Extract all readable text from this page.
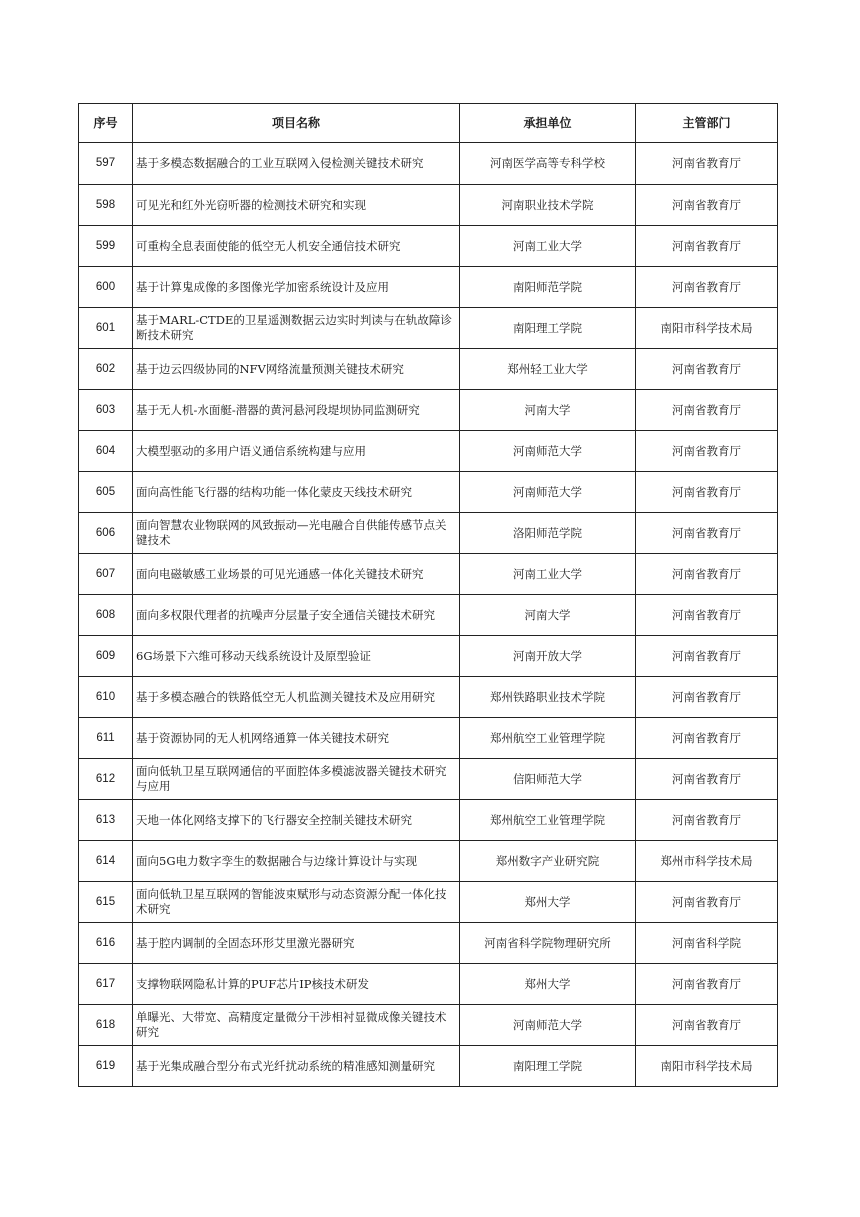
序号	项目名称	承担单位	主管部门
597	基于多模态数据融合的工业互联网入侵检测关键技术研究	河南医学高等专科学校	河南省教育厅
598	可见光和红外光窃听器的检测技术研究和实现	河南职业技术学院	河南省教育厅
599	可重构全息表面使能的低空无人机安全通信技术研究	河南工业大学	河南省教育厅
600	基于计算鬼成像的多图像光学加密系统设计及应用	南阳师范学院	河南省教育厅
601	基于MARL-CTDE的卫星遥测数据云边实时判读与在轨故障诊断技术研究	南阳理工学院	南阳市科学技术局
602	基于边云四级协同的NFV网络流量预测关键技术研究	郑州轻工业大学	河南省教育厅
603	基于无人机-水面艇-潜器的黄河悬河段堤坝协同监测研究	河南大学	河南省教育厅
604	大模型驱动的多用户语义通信系统构建与应用	河南师范大学	河南省教育厅
605	面向高性能飞行器的结构功能一体化蒙皮天线技术研究	河南师范大学	河南省教育厅
606	面向智慧农业物联网的风致振动—光电融合自供能传感节点关键技术	洛阳师范学院	河南省教育厅
607	面向电磁敏感工业场景的可见光通感一体化关键技术研究	河南工业大学	河南省教育厅
608	面向多权限代理者的抗噪声分层量子安全通信关键技术研究	河南大学	河南省教育厅
609	6G场景下六维可移动天线系统设计及原型验证	河南开放大学	河南省教育厅
610	基于多模态融合的铁路低空无人机监测关键技术及应用研究	郑州铁路职业技术学院	河南省教育厅
611	基于资源协同的无人机网络通算一体关键技术研究	郑州航空工业管理学院	河南省教育厅
612	面向低轨卫星互联网通信的平面腔体多模滤波器关键技术研究与应用	信阳师范大学	河南省教育厅
613	天地一体化网络支撑下的飞行器安全控制关键技术研究	郑州航空工业管理学院	河南省教育厅
614	面向5G电力数字孪生的数据融合与边缘计算设计与实现	郑州数字产业研究院	郑州市科学技术局
615	面向低轨卫星互联网的智能波束赋形与动态资源分配一体化技术研究	郑州大学	河南省教育厅
616	基于腔内调制的全固态环形艾里激光器研究	河南省科学院物理研究所	河南省科学院
617	支撑物联网隐私计算的PUF芯片IP核技术研发	郑州大学	河南省教育厅
618	单曝光、大带宽、高精度定量微分干涉相衬显微成像关键技术研究	河南师范大学	河南省教育厅
619	基于光集成融合型分布式光纤扰动系统的精准感知测量研究	南阳理工学院	南阳市科学技术局
